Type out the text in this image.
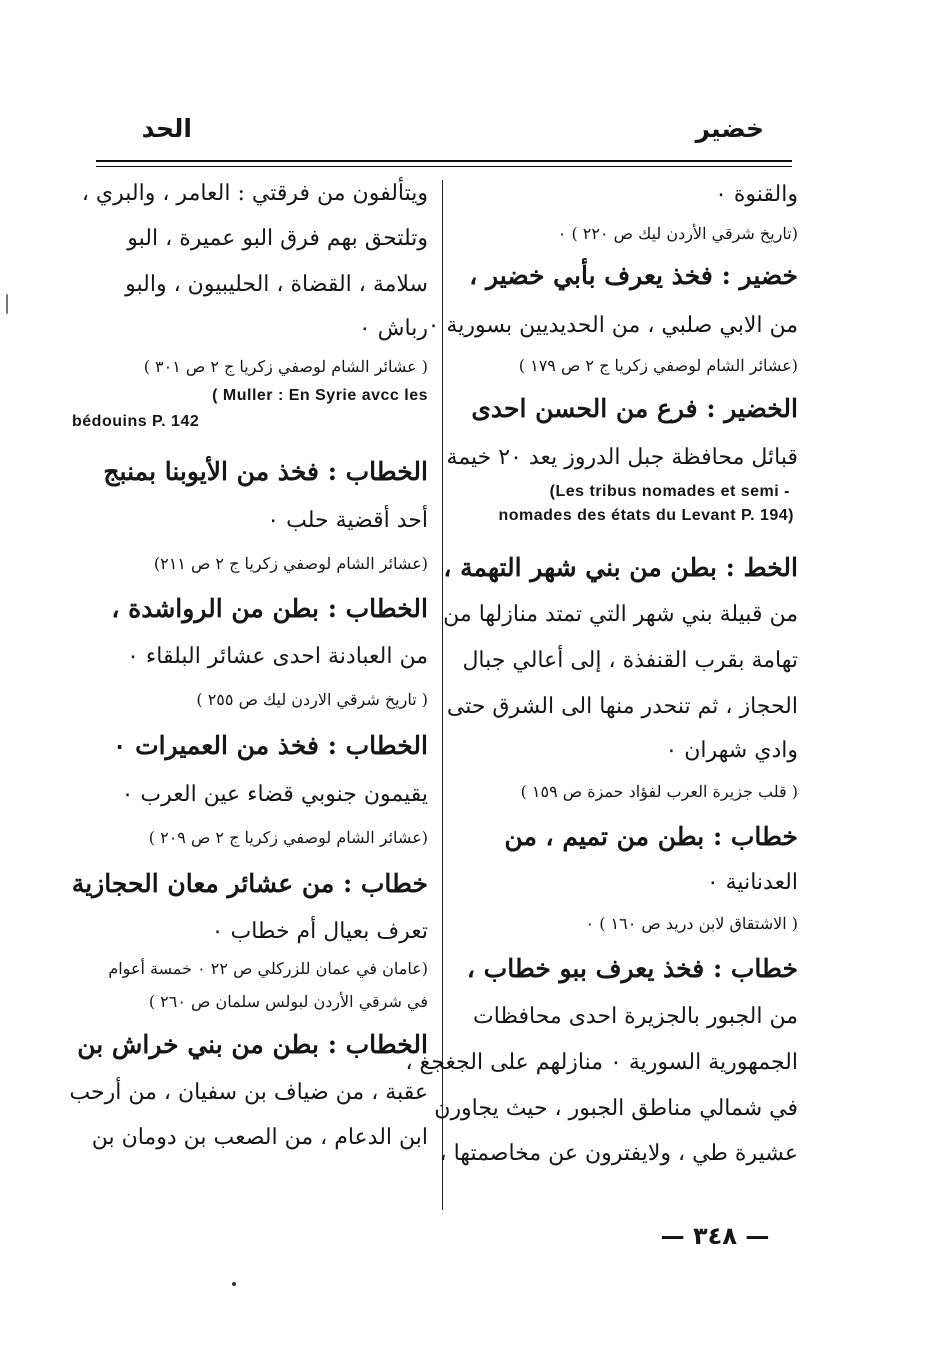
خضير
الحد
والقنوة ٠
(تاريخ شرقي الأردن ليك ص ٢٢٠ ) ٠
خضير : فخذ يعرف بأبي خضير ،
من الابي صلبي ، من الحديديين بسورية ٠
(عشائر الشام لوصفي زكريا ج ٢ ص ١٧٩ )
الخضير : فرع من الحسن احدى
قبائل محافظة جبل الدروز يعد ٢٠ خيمة
(Les tribus nomades et semi -
nomades des états du Levant P. 194)
الخط : بطن من بني شهر التهمة ،
من قبيلة بني شهر التي تمتد منازلها من
تهامة بقرب القنفذة ، إلى أعالي جبال
الحجاز ، ثم تنحدر منها الى الشرق حتى
وادي شهران ٠
( قلب جزيرة العرب لفؤاد حمزة ص ١٥٩ )
خطاب : بطن من تميم ، من
العدنانية ٠
( الاشتقاق لابن دريد ص ١٦٠ ) ٠
خطاب : فخذ يعرف ببو خطاب ،
من الجبور بالجزيرة احدى محافظات
الجمهورية السورية ٠ منازلهم على الجغجغ ،
في شمالي مناطق الجبور ، حيث يجاورن
عشيرة طي ، ولايفترون عن مخاصمتها ،
ويتألفون من فرقتي : العامر ، والبري ،
وتلتحق بهم فرق البو عميرة ، البو
سلامة ، القضاة ، الحليبيون ، والبو
رباش ٠
( عشائر الشام لوصفي زكريا ج ٢ ص ٣٠١ )
( Muller : En Syrie avcc les
bédouins P. 142
الخطاب : فخذ من الأيوبنا بمنبج
أحد أقضية حلب ٠
(عشائر الشام لوصفي زكريا ج ٢ ص ٢١١)
الخطاب : بطن من الرواشدة ،
من العبادنة احدى عشائر البلقاء ٠
( تاريخ شرقي الاردن ليك ص ٢٥٥ )
الخطاب : فخذ من العميرات ٠
يقيمون جنوبي قضاء عين العرب ٠
(عشائر الشام لوصفي زكريا ج ٢ ص ٢٠٩ )
خطاب : من عشائر معان الحجازية
تعرف بعيال أم خطاب ٠
(عامان في عمان للزركلي ص ٢٢ ٠ خمسة أعوام
في شرقي الأردن لبولس سلمان ص ٢٦٠ )
الخطاب : بطن من بني خراش بن
عقبة ، من ضياف بن سفيان ، من أرحب
ابن الدعام ، من الصعب بن دومان بن
— ٣٤٨ —
